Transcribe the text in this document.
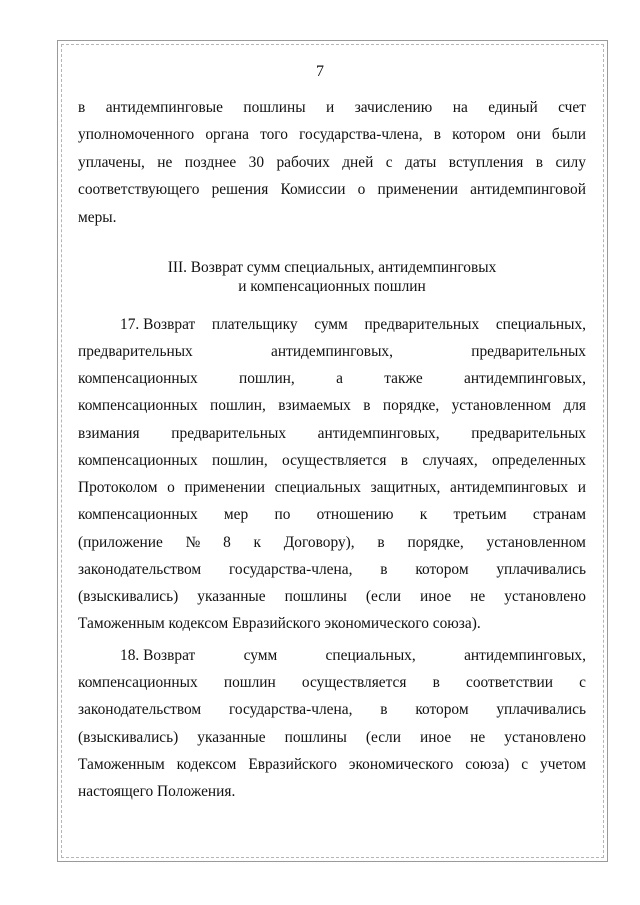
7
в антидемпинговые пошлины и зачислению на единый счет
уполномоченного органа того государства-члена, в котором они были
уплачены, не позднее 30 рабочих дней с даты вступления в силу
соответствующего решения Комиссии о применении антидемпинговой
меры.
III. Возврат сумм специальных, антидемпинговых
и компенсационных пошлин
17. Возврат плательщику сумм предварительных специальных,
предварительных	антидемпинговых,	предварительных
компенсационных	пошлин,	а	также	антидемпинговых,
компенсационных пошлин, взимаемых в порядке, установленном для
взимания предварительных антидемпинговых, предварительных
компенсационных пошлин, осуществляется в случаях, определенных
Протоколом о применении специальных защитных, антидемпинговых и
компенсационных мер по отношению к третьим странам
(приложение № 8 к Договору), в порядке, установленном
законодательством государства-члена, в котором уплачивались
(взыскивались) указанные пошлины (если иное не установлено
Таможенным кодексом Евразийского экономического союза).
18. Возврат	сумм	специальных,	антидемпинговых,
компенсационных пошлин осуществляется в соответствии с
законодательством государства-члена, в котором уплачивались
(взыскивались) указанные пошлины (если иное не установлено
Таможенным кодексом Евразийского экономического союза) с учетом
настоящего Положения.
